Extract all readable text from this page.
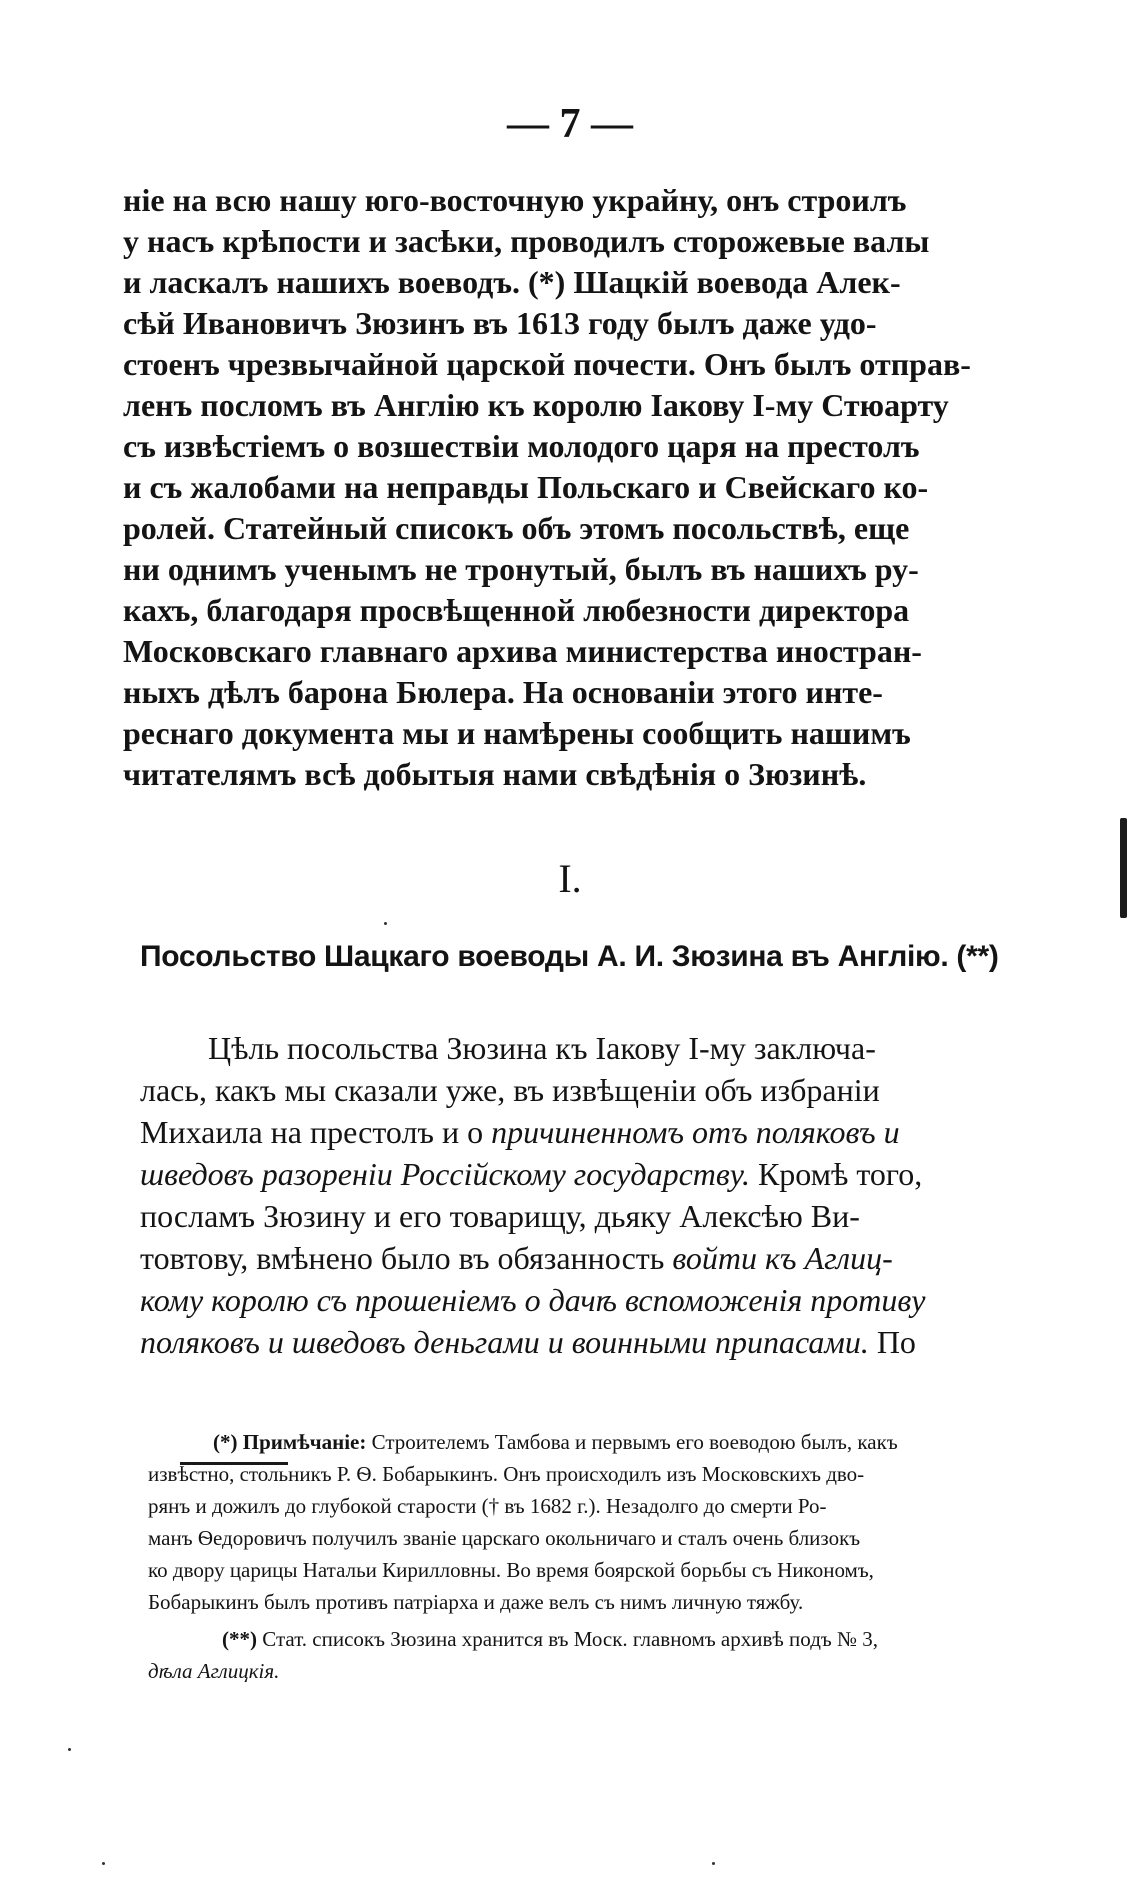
— 7 —
ніе на всю нашу юго-восточную украйну, онъ строилъ
у насъ крѣпости и засѣки, проводилъ сторожевые валы
и ласкалъ нашихъ воеводъ. (*) Шацкій воевода Алек-
сѣй Ивановичъ Зюзинъ въ 1613 году былъ даже удо-
стоенъ чрезвычайной царской почести. Онъ былъ отправ-
ленъ посломъ въ Англію къ королю Іакову І-му Стюарту
съ извѣстіемъ о возшествіи молодого царя на престолъ
и съ жалобами на неправды Польскаго и Свейскаго ко-
ролей. Статейный списокъ объ этомъ посольствѣ, еще
ни однимъ ученымъ не тронутый, былъ въ нашихъ ру-
кахъ, благодаря просвѣщенной любезности директора
Московскаго главнаго архива министерства иностран-
ныхъ дѣлъ барона Бюлера. На основаніи этого инте-
реснаго документа мы и намѣрены сообщить нашимъ
читателямъ всѣ добытыя нами свѣдѣнія о Зюзинѣ.
I.
Посольство Шацкаго воеводы А. И. Зюзина въ Англію. (**)
Цѣль посольства Зюзина къ Іакову І-му заключа-
лась, какъ мы сказали уже, въ извѣщеніи объ избраніи
Михаила на престолъ и о причиненномъ отъ поляковъ и
шведовъ разореніи Россійскому государству. Кромѣ того,
посламъ Зюзину и его товарищу, дьяку Алексѣю Ви-
товтову, вмѣнено было въ обязанность войти къ Аглиц-
кому королю съ прошеніемъ о дачѣ вспоможенія противу
поляковъ и шведовъ деньгами и воинными припасами. По
(*) Примѣчаніе: Строителемъ Тамбова и первымъ его воеводою былъ, какъ
извѣстно, стольникъ Р. Ѳ. Бобарыкинъ. Онъ происходилъ изъ Московскихъ дво-
рянъ и дожилъ до глубокой старости († въ 1682 г.). Незадолго до смерти Ро-
манъ Ѳедоровичъ получилъ званіе царскаго окольничаго и сталъ очень близокъ
ко двору царицы Натальи Кирилловны. Во время боярской борьбы съ Никономъ,
Бобарыкинъ былъ противъ патріарха и даже велъ съ нимъ личную тяжбу.
(**) Стат. списокъ Зюзина хранится въ Моск. главномъ архивѣ подъ № 3,
дѣла Аглицкія.
